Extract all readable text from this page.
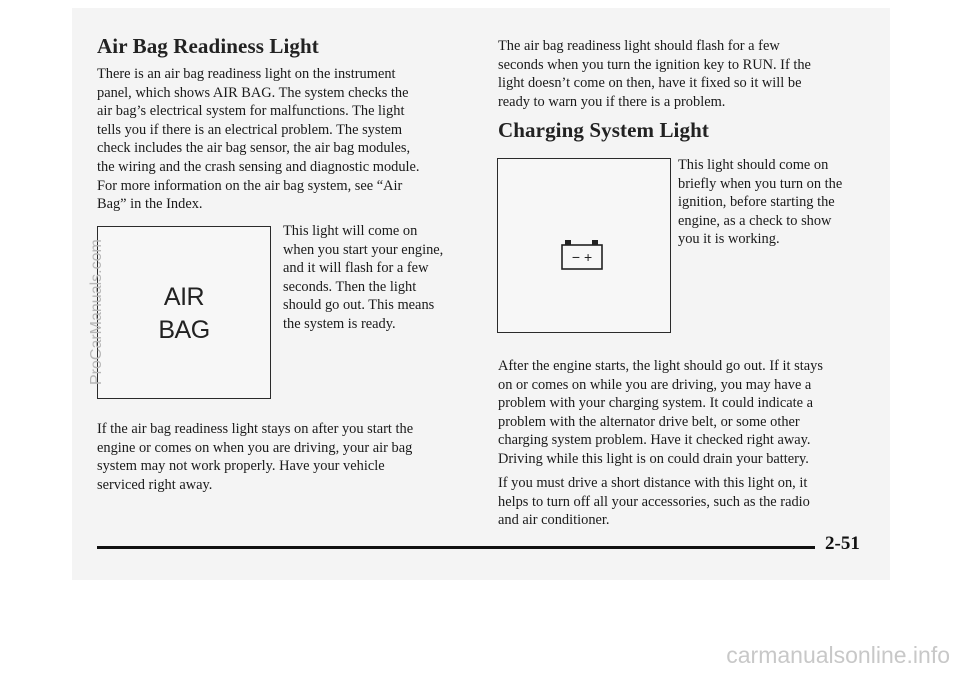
Air Bag Readiness Light

There is an air bag readiness light on the instrument
panel, which shows AIR BAG. The system checks the
air bag’s electrical system for malfunctions. The light
tells you if there is an electrical problem. The system
check includes the air bag sensor, the air bag modules,
the wiring and the crash sensing and diagnostic module.
For more information on the air bag system, see “Air
Bag” in the Index.

AIR
BAG

This light will come on
when you start your engine,
and it will flash for a few
seconds. Then the light
should go out. This means
the system is ready.

If the air bag readiness light stays on after you start the
engine or comes on when you are driving, your air bag
system may not work properly. Have your vehicle
serviced right away.

The air bag readiness light should flash for a few
seconds when you turn the ignition key to RUN. If the
light doesn’t come on then, have it fixed so it will be
ready to warn you if there is a problem.

Charging System Light
− +

This light should come on
briefly when you turn on the
ignition, before starting the
engine, as a check to show
you it is working.

After the engine starts, the light should go out. If it stays
on or comes on while you are driving, you may have a
problem with your charging system. It could indicate a
problem with the alternator drive belt, or some other
charging system problem. Have it checked right away.
Driving while this light is on could drain your battery.

If you must drive a short distance with this light on, it
helps to turn off all your accessories, such as the radio
and air conditioner.

2-51
ProCarManuals.com
carmanualsonline.info
